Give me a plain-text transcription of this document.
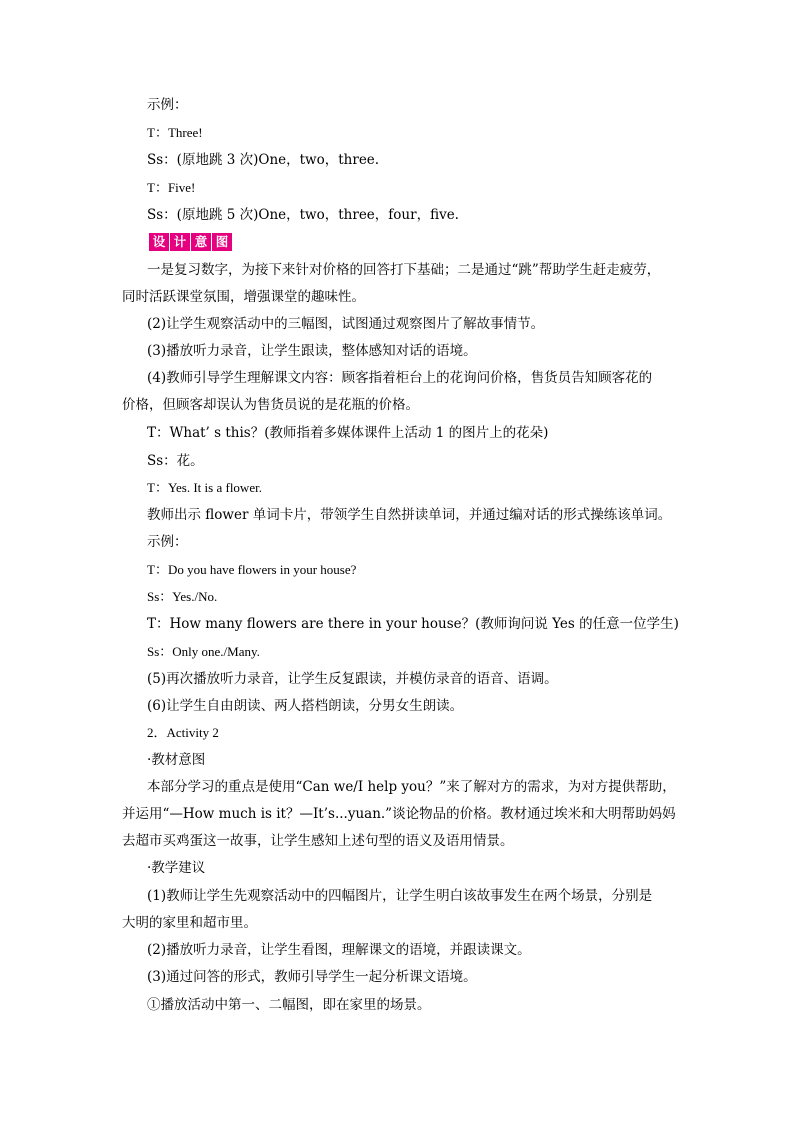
示例：
T：Three!
Ss：(原地跳 3 次)One，two，three.
T：Five!
Ss：(原地跳 5 次)One，two，three，four，five.
设 计 意 图
一是复习数字，为接下来针对价格的回答打下基础；二是通过“跳”帮助学生赶走疲劳，
同时活跃课堂氛围，增强课堂的趣味性。
(2)让学生观察活动中的三幅图，试图通过观察图片了解故事情节。
(3)播放听力录音，让学生跟读，整体感知对话的语境。
(4)教师引导学生理解课文内容：顾客指着柜台上的花询问价格，售货员告知顾客花的
价格，但顾客却误认为售货员说的是花瓶的价格。
T：What’ s this？(教师指着多媒体课件上活动 1 的图片上的花朵)
Ss：花。
T：Yes. It is a flower.
教师出示 flower 单词卡片，带领学生自然拼读单词，并通过编对话的形式操练该单词。
示例：
T：Do you have flowers in your house?
Ss：Yes./No.
T：How many flowers are there in your house？(教师询问说 Yes 的任意一位学生)
Ss：Only one./Many.
(5)再次播放听力录音，让学生反复跟读，并模仿录音的语音、语调。
(6)让学生自由朗读、两人搭档朗读，分男女生朗读。
2．Activity 2
·教材意图
本部分学习的重点是使用“Can we/I help you？”来了解对方的需求，为对方提供帮助，
并运用“—How much is it？—It’s...yuan.”谈论物品的价格。教材通过埃米和大明帮助妈妈
去超市买鸡蛋这一故事，让学生感知上述句型的语义及语用情景。
·教学建议
(1)教师让学生先观察活动中的四幅图片，让学生明白该故事发生在两个场景，分别是
大明的家里和超市里。
(2)播放听力录音，让学生看图，理解课文的语境，并跟读课文。
(3)通过问答的形式，教师引导学生一起分析课文语境。
①播放活动中第一、二幅图，即在家里的场景。
